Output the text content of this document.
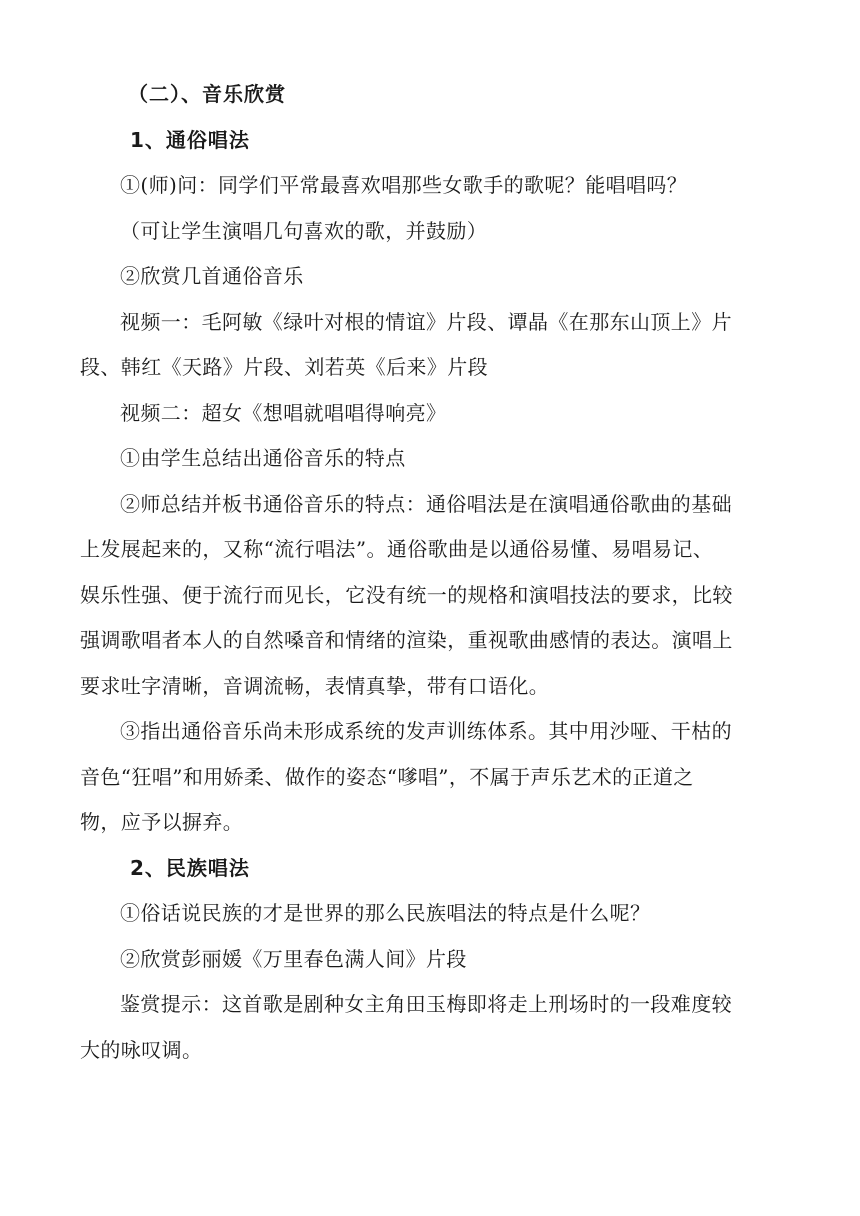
（二）、音乐欣赏

1、通俗唱法

①(师)问：同学们平常最喜欢唱那些女歌手的歌呢？能唱唱吗？

（可让学生演唱几句喜欢的歌，并鼓励）

②欣赏几首通俗音乐

视频一：毛阿敏《绿叶对根的情谊》片段、谭晶《在那东山顶上》片

段、韩红《天路》片段、刘若英《后来》片段

视频二：超女《想唱就唱唱得响亮》

①由学生总结出通俗音乐的特点

②师总结并板书通俗音乐的特点：通俗唱法是在演唱通俗歌曲的基础

上发展起来的，又称“流行唱法”。通俗歌曲是以通俗易懂、易唱易记、

娱乐性强、便于流行而见长，它没有统一的规格和演唱技法的要求，比较

强调歌唱者本人的自然嗓音和情绪的渲染，重视歌曲感情的表达。演唱上

要求吐字清晰，音调流畅，表情真挚，带有口语化。

③指出通俗音乐尚未形成系统的发声训练体系。其中用沙哑、干枯的

音色“狂唱”和用娇柔、做作的姿态“嗲唱”，不属于声乐艺术的正道之

物，应予以摒弃。

2、民族唱法

①俗话说民族的才是世界的那么民族唱法的特点是什么呢？

②欣赏彭丽媛《万里春色满人间》片段

鉴赏提示：这首歌是剧种女主角田玉梅即将走上刑场时的一段难度较

大的咏叹调。
